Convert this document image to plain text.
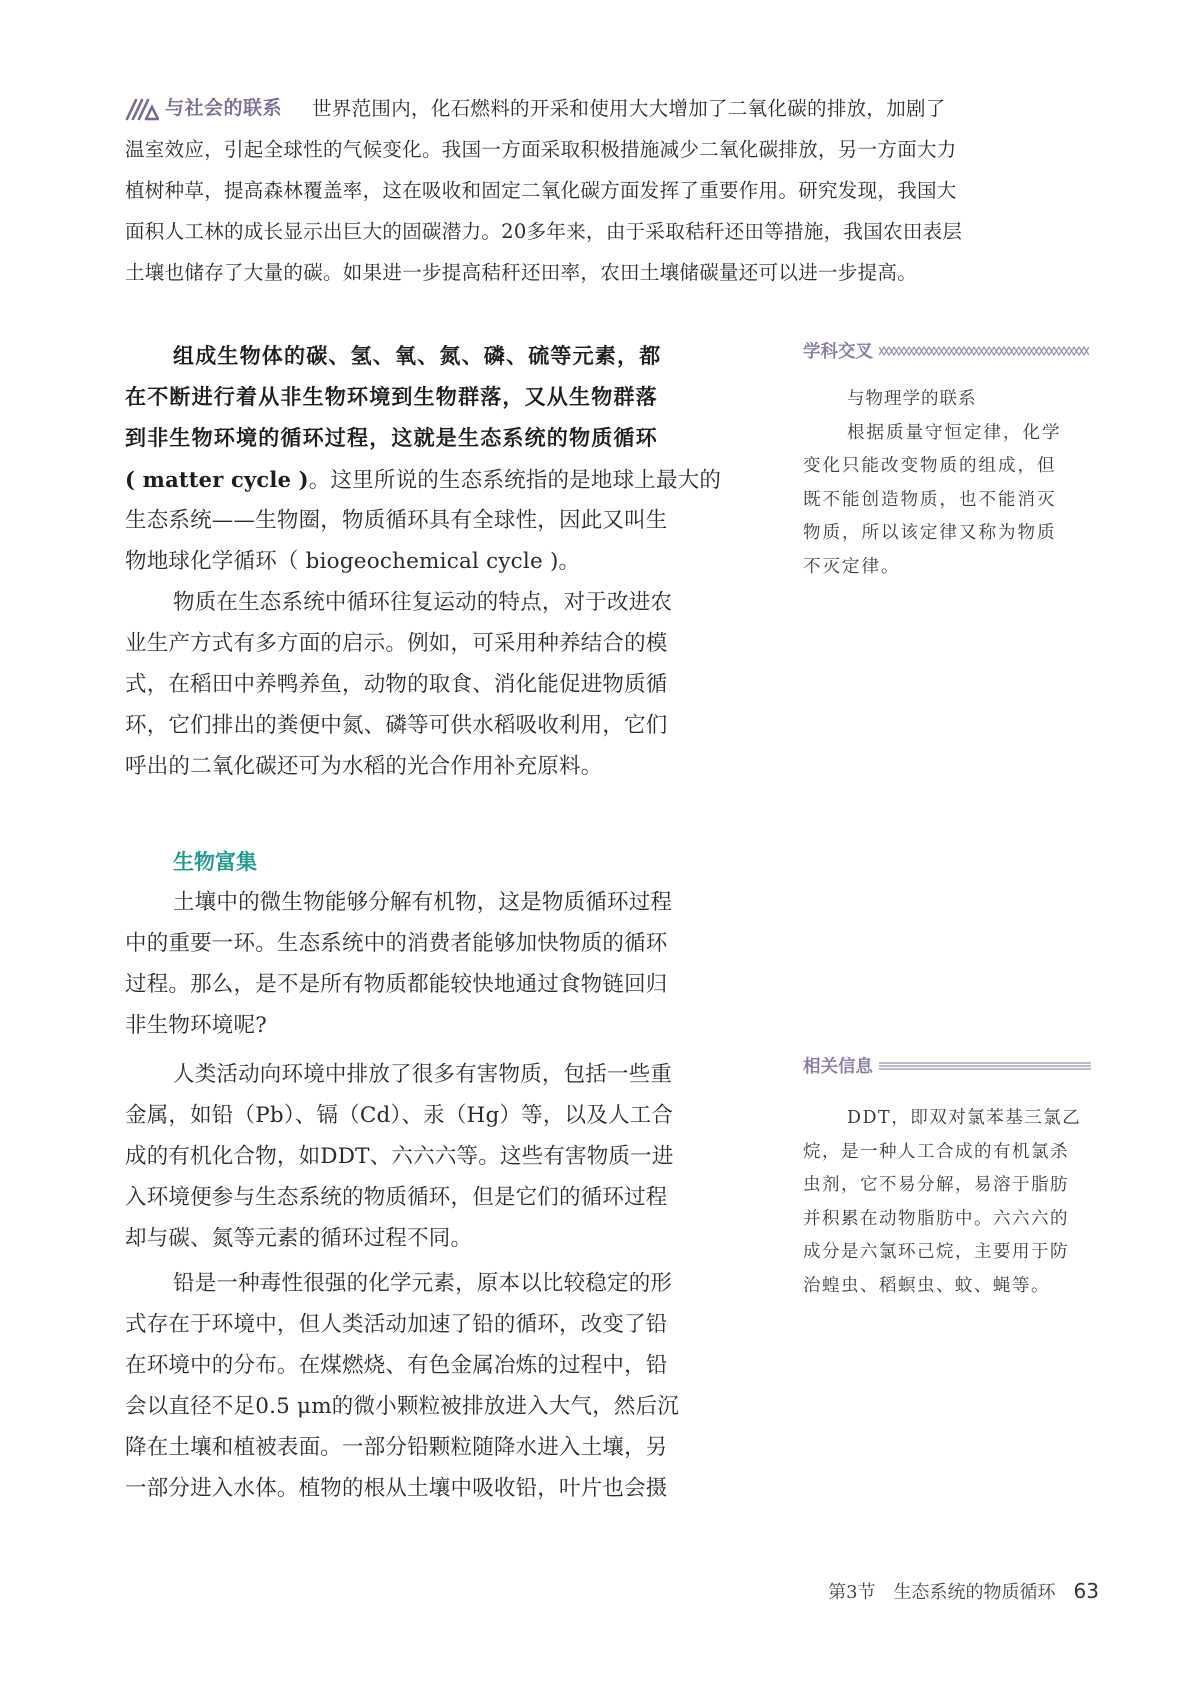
与社会的联系 世界范围内，化石燃料的开采和使用大大增加了二氧化碳的排放，加剧了
温室效应，引起全球性的气候变化。我国一方面采取积极措施减少二氧化碳排放，另一方面大力
植树种草，提高森林覆盖率，这在吸收和固定二氧化碳方面发挥了重要作用。研究发现，我国大
面积人工林的成长显示出巨大的固碳潜力。20多年来，由于采取秸秆还田等措施，我国农田表层
土壤也储存了大量的碳。如果进一步提高秸秆还田率，农田土壤储碳量还可以进一步提高。
组成生物体的碳、氢、氧、氮、磷、硫等元素，都
在不断进行着从非生物环境到生物群落，又从生物群落
到非生物环境的循环过程，这就是生态系统的物质循环
( matter cycle )。这里所说的生态系统指的是地球上最大的
生态系统——生物圈，物质循环具有全球性，因此又叫生
物地球化学循环（ biogeochemical cycle )。
物质在生态系统中循环往复运动的特点，对于改进农
业生产方式有多方面的启示。例如，可采用种养结合的模
式，在稻田中养鸭养鱼，动物的取食、消化能促进物质循
环，它们排出的粪便中氮、磷等可供水稻吸收利用，它们
呼出的二氧化碳还可为水稻的光合作用补充原料。
生物富集
土壤中的微生物能够分解有机物，这是物质循环过程
中的重要一环。生态系统中的消费者能够加快物质的循环
过程。那么，是不是所有物质都能较快地通过食物链回归
非生物环境呢?
人类活动向环境中排放了很多有害物质，包括一些重
金属，如铅（Pb）、镉（Cd）、汞（Hg）等，以及人工合
成的有机化合物，如DDT、六六六等。这些有害物质一进
入环境便参与生态系统的物质循环，但是它们的循环过程
却与碳、氮等元素的循环过程不同。
铅是一种毒性很强的化学元素，原本以比较稳定的形
式存在于环境中，但人类活动加速了铅的循环，改变了铅
在环境中的分布。在煤燃烧、有色金属冶炼的过程中，铅
会以直径不足0.5 μm的微小颗粒被排放进入大气，然后沉
降在土壤和植被表面。一部分铅颗粒随降水进入土壤，另
一部分进入水体。植物的根从土壤中吸收铅，叶片也会摄
学科交叉
与物理学的联系
根据质量守恒定律，化学
变化只能改变物质的组成，但
既不能创造物质，也不能消灭
物质，所以该定律又称为物质
不灭定律。
相关信息
DDT，即双对氯苯基三氯乙
烷，是一种人工合成的有机氯杀
虫剂，它不易分解，易溶于脂肪
并积累在动物脂肪中。六六六的
成分是六氯环己烷，主要用于防
治蝗虫、稻螟虫、蚊、蝇等。
第3节　生态系统的物质循环 63
